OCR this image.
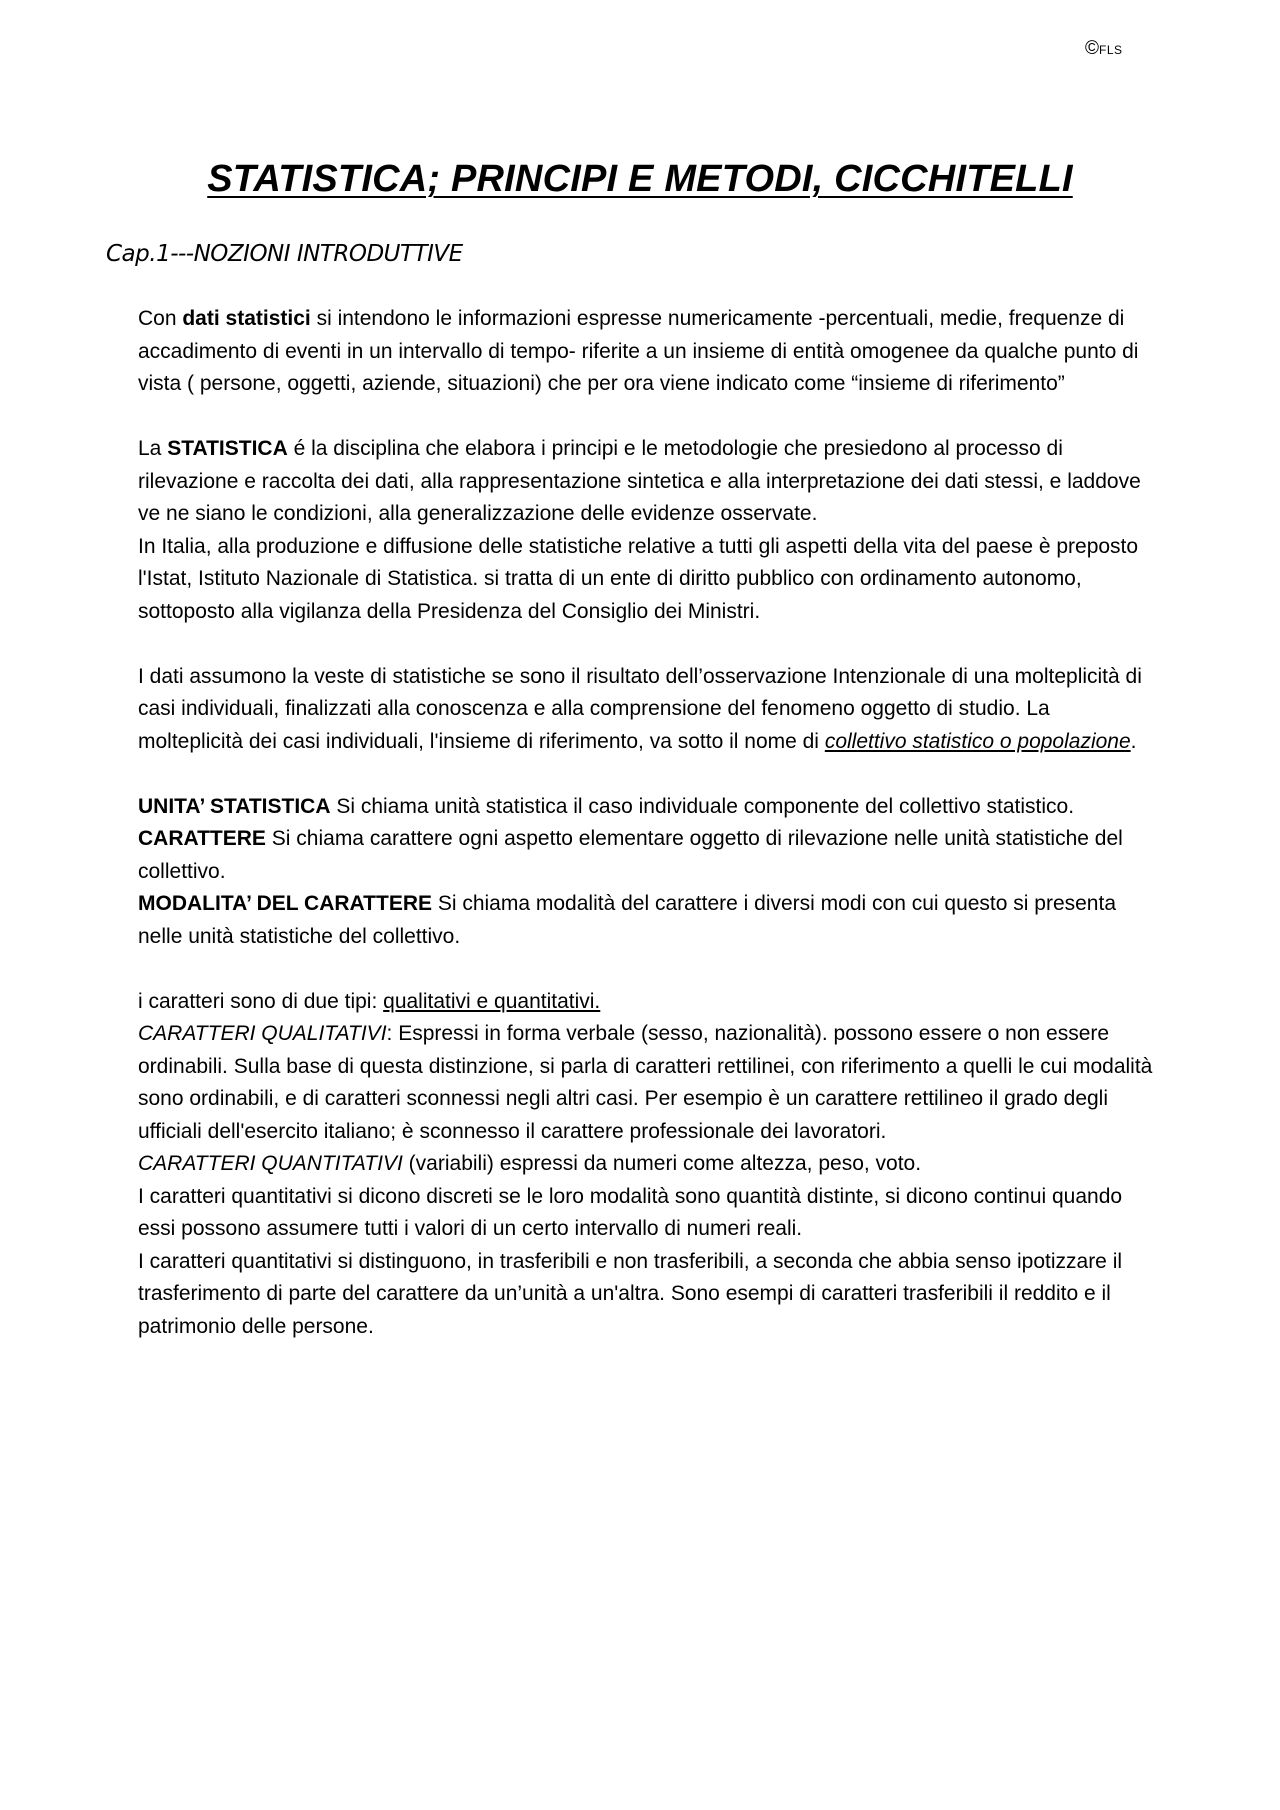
©FLS
STATISTICA; PRINCIPI E METODI, CICCHITELLI
Cap.1---NOZIONI INTRODUTTIVE

Con dati statistici si intendono le informazioni espresse numericamente -percentuali, medie, frequenze di accadimento di eventi in un intervallo di tempo- riferite a un insieme di entità omogenee da qualche punto di vista ( persone, oggetti, aziende, situazioni) che per ora viene indicato come “insieme di riferimento”

La STATISTICA é la disciplina che elabora i principi e le metodologie che presiedono al processo di rilevazione e raccolta dei dati, alla rappresentazione sintetica e alla interpretazione dei dati stessi, e laddove ve ne siano le condizioni, alla generalizzazione delle evidenze osservate.

In Italia, alla produzione e diffusione delle statistiche relative a tutti gli aspetti della vita del paese è preposto l'Istat, Istituto Nazionale di Statistica. si tratta di un ente di diritto pubblico con ordinamento autonomo, sottoposto alla vigilanza della Presidenza del Consiglio dei Ministri.

I dati assumono la veste di statistiche se sono il risultato dell’osservazione Intenzionale di una molteplicità di casi individuali, finalizzati alla conoscenza e alla comprensione del fenomeno oggetto di studio. La molteplicità dei casi individuali, l'insieme di riferimento, va sotto il nome di collettivo statistico o popolazione.

UNITA’ STATISTICA Si chiama unità statistica il caso individuale componente del collettivo statistico.

CARATTERE Si chiama carattere ogni aspetto elementare oggetto di rilevazione nelle unità statistiche del collettivo.

MODALITA’ DEL CARATTERE Si chiama modalità del carattere i diversi modi con cui questo si presenta nelle unità statistiche del collettivo.

i caratteri sono di due tipi: qualitativi e quantitativi.

CARATTERI QUALITATIVI: Espressi in forma verbale (sesso, nazionalità). possono essere o non essere ordinabili. Sulla base di questa distinzione, si parla di caratteri rettilinei, con riferimento a quelli le cui modalità sono ordinabili, e di caratteri sconnessi negli altri casi. Per esempio è un carattere rettilineo il grado degli ufficiali dell'esercito italiano; è sconnesso il carattere professionale dei lavoratori.

CARATTERI QUANTITATIVI (variabili) espressi da numeri come altezza, peso, voto.

I caratteri quantitativi si dicono discreti se le loro modalità sono quantità distinte, si dicono continui quando essi possono assumere tutti i valori di un certo intervallo di numeri reali.

I caratteri quantitativi si distinguono, in trasferibili e non trasferibili, a seconda che abbia senso ipotizzare il trasferimento di parte del carattere da un’unità a un'altra. Sono esempi di caratteri trasferibili il reddito e il patrimonio delle persone.
